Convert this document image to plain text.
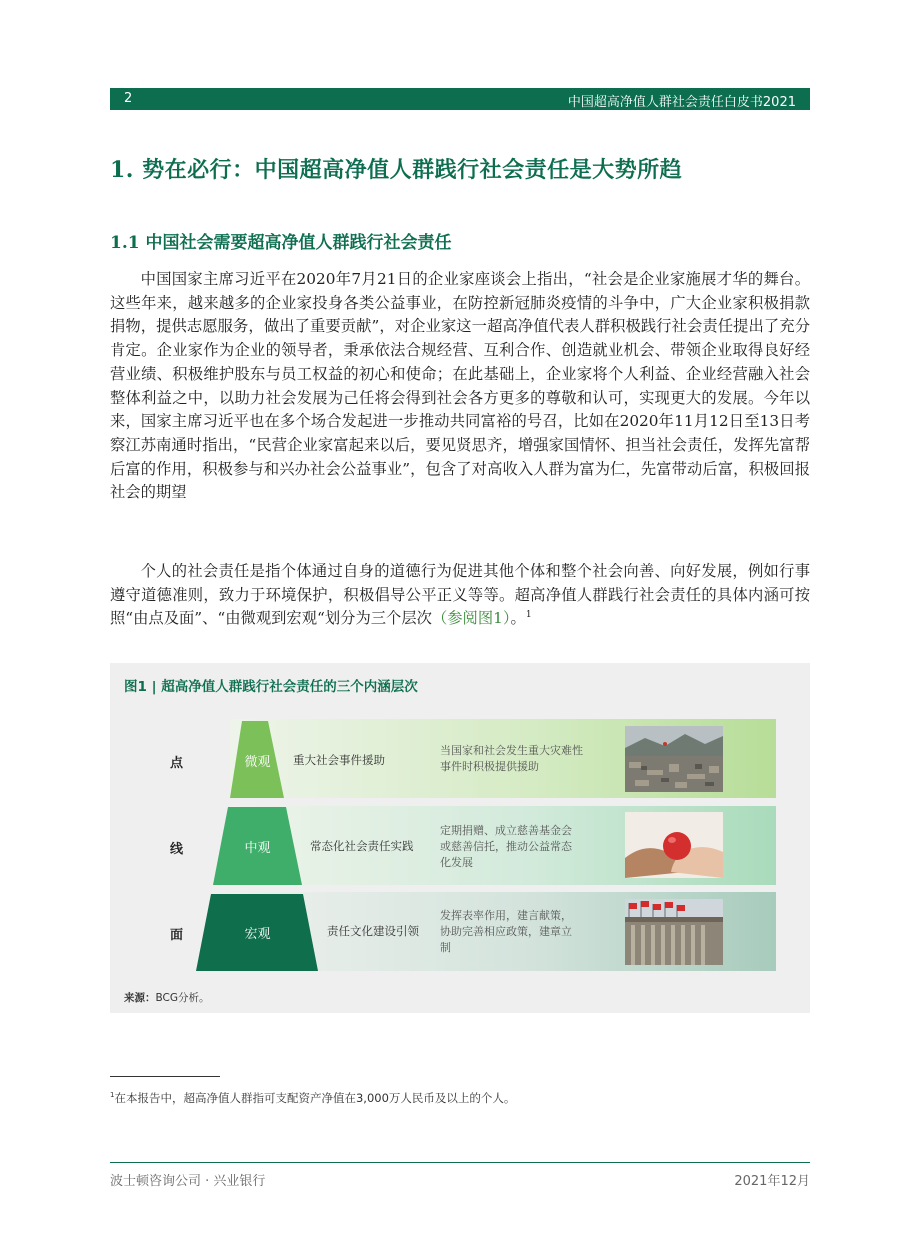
2	中国超高净值人群社会责任白皮书2021
1. 势在必行：中国超高净值人群践行社会责任是大势所趋
1.1 中国社会需要超高净值人群践行社会责任

中国国家主席习近平在2020年7月21日的企业家座谈会上指出，“社会是企业家施展才华的舞台。这些年来，越来越多的企业家投身各类公益事业，在防控新冠肺炎疫情的斗争中，广大企业家积极捐款捐物，提供志愿服务，做出了重要贡献”，对企业家这一超高净值代表人群积极践行社会责任提出了充分肯定。企业家作为企业的领导者，秉承依法合规经营、互利合作、创造就业机会、带领企业取得良好经营业绩、积极维护股东与员工权益的初心和使命；在此基础上，企业家将个人利益、企业经营融入社会整体利益之中，以助力社会发展为己任将会得到社会各方更多的尊敬和认可，实现更大的发展。今年以来，国家主席习近平也在多个场合发起进一步推动共同富裕的号召，比如在2020年11月12日至13日考察江苏南通时指出，“民营企业家富起来以后，要见贤思齐，增强家国情怀、担当社会责任，发挥先富帮后富的作用，积极参与和兴办社会公益事业”，包含了对高收入人群为富为仁，先富带动后富，积极回报社会的期望

个人的社会责任是指个体通过自身的道德行为促进其他个体和整个社会向善、向好发展，例如行事遵守道德准则，致力于环境保护，积极倡导公平正义等等。超高净值人群践行社会责任的具体内涵可按照“由点及面”、“由微观到宏观“划分为三个层次（参阅图1）。$^1$

图1 | 超高净值人群践行社会责任的三个内涵层次
点
线
面
微观
中观
宏观
重大社会事件援助
常态化社会责任实践
责任文化建设引领
当国家和社会发生重大灾难性事件时积极提供援助
定期捐赠、成立慈善基金会或慈善信托，推动公益常态化发展
发挥表率作用，建言献策，协助完善相应政策，建章立制
来源：BCG分析。
$^1$在本报告中，超高净值人群指可支配资产净值在3,000万人民币及以上的个人。
波士顿咨询公司 · 兴业银行	2021年12月
